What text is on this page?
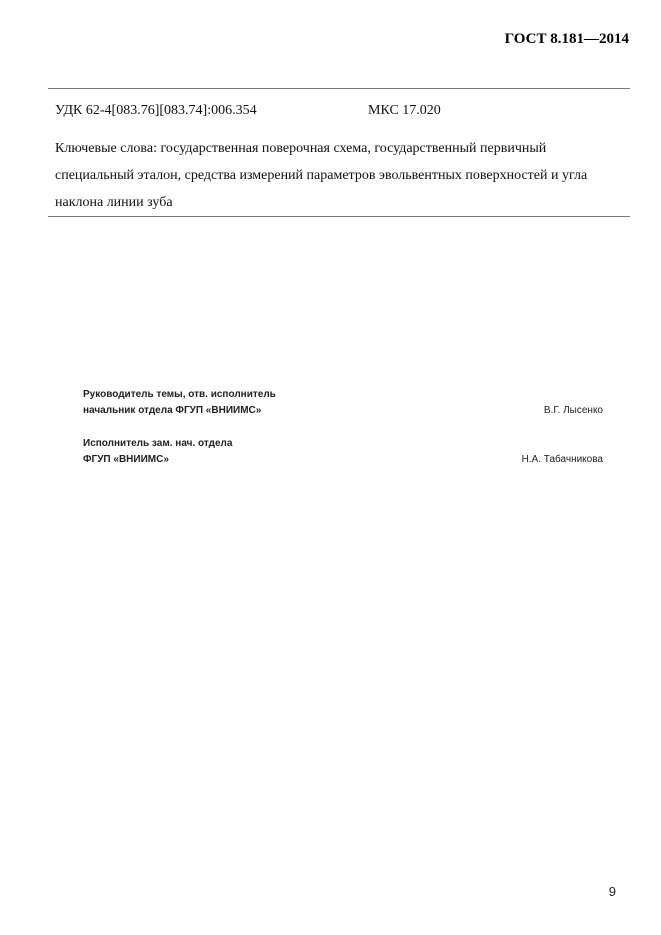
ГОСТ 8.181—2014
УДК 62-4[083.76][083.74]:006.354	МКС 17.020
Ключевые слова: государственная поверочная схема, государственный первичный специальный эталон, средства измерений параметров эвольвентных поверхностей и угла наклона линии зуба
Руководитель темы, отв. исполнитель
начальник отдела ФГУП «ВНИИМС»	В.Г. Лысенко
Исполнитель зам. нач. отдела
ФГУП «ВНИИМС»	Н.А. Табачникова
9
